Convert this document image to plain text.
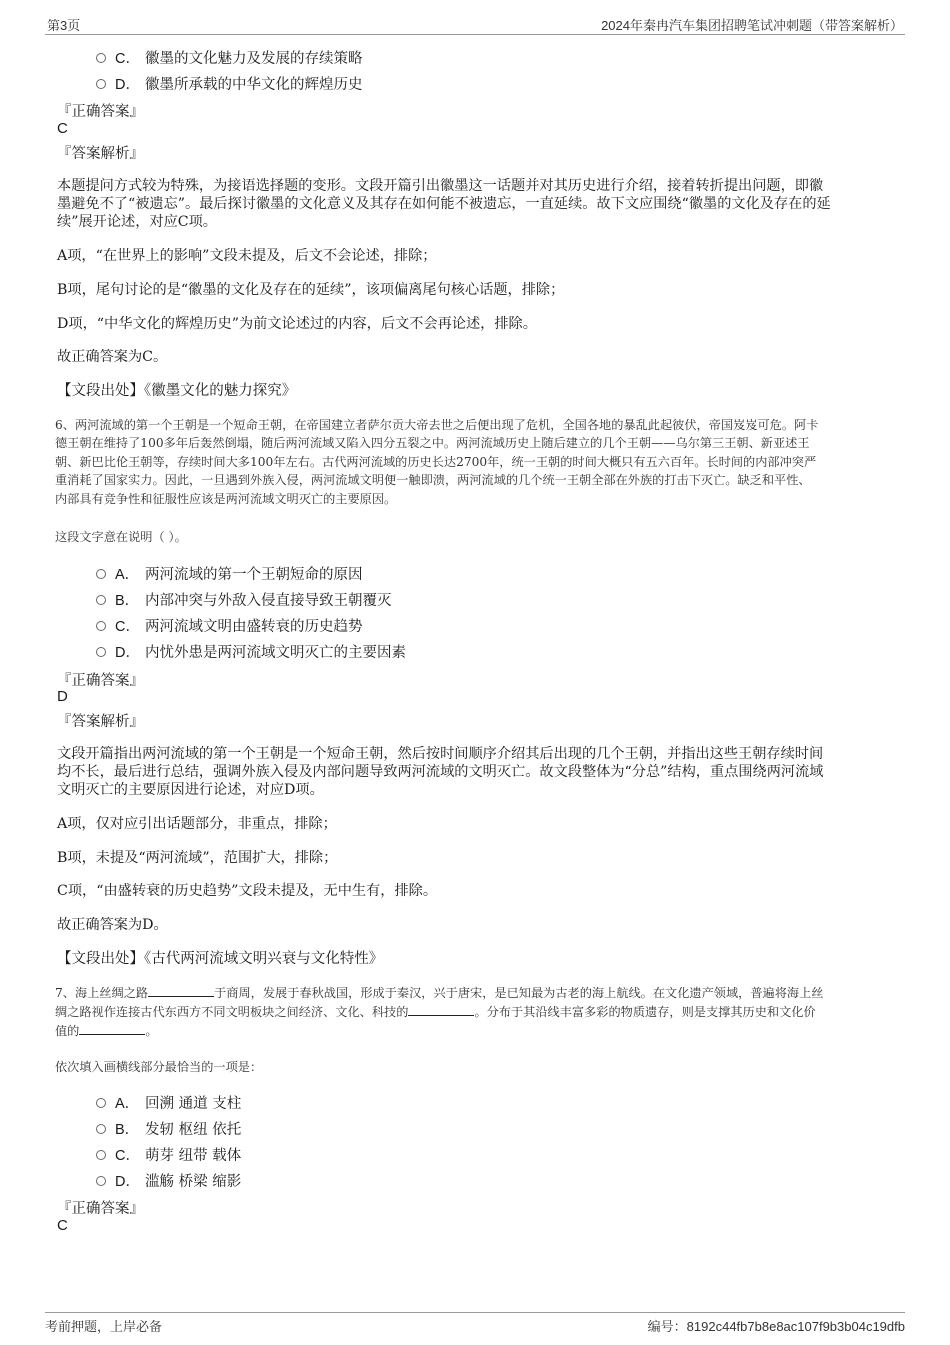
第3页	2024年秦冉汽车集团招聘笔试冲刺题（带答案解析）
C． 徽墨的文化魅力及发展的存续策略
D． 徽墨所承载的中华文化的辉煌历史
『正确答案』
C
『答案解析』
本题提问方式较为特殊，为接语选择题的变形。文段开篇引出徽墨这一话题并对其历史进行介绍，接着转折提出问题，即徽
墨避免不了“被遗忘”。最后探讨徽墨的文化意义及其存在如何能不被遗忘，一直延续。故下文应围绕“徽墨的文化及存在的延
续”展开论述，对应C项。
A项，“在世界上的影响”文段未提及，后文不会论述，排除；
B项，尾句讨论的是“徽墨的文化及存在的延续”，该项偏离尾句核心话题，排除；
D项，“中华文化的辉煌历史”为前文论述过的内容，后文不会再论述，排除。
故正确答案为C。
【文段出处】《徽墨文化的魅力探究》
6、两河流域的第一个王朝是一个短命王朝，在帝国建立者萨尔贡大帝去世之后便出现了危机，全国各地的暴乱此起彼伏，帝国岌岌可危。阿卡
德王朝在维持了100多年后轰然倒塌，随后两河流域又陷入四分五裂之中。两河流域历史上随后建立的几个王朝——乌尔第三王朝、新亚述王
朝、新巴比伦王朝等，存续时间大多100年左右。古代两河流域的历史长达2700年，统一王朝的时间大概只有五六百年。长时间的内部冲突严
重消耗了国家实力。因此，一旦遇到外族入侵，两河流域文明便一触即溃，两河流域的几个统一王朝全部在外族的打击下灭亡。缺乏和平性、
内部具有竞争性和征服性应该是两河流域文明灭亡的主要原因。
这段文字意在说明（ ）。
A． 两河流域的第一个王朝短命的原因
B． 内部冲突与外敌入侵直接导致王朝覆灭
C． 两河流域文明由盛转衰的历史趋势
D． 内忧外患是两河流域文明灭亡的主要因素
『正确答案』
D
『答案解析』
文段开篇指出两河流域的第一个王朝是一个短命王朝，然后按时间顺序介绍其后出现的几个王朝，并指出这些王朝存续时间
均不长，最后进行总结，强调外族入侵及内部问题导致两河流域的文明灭亡。故文段整体为“分总”结构，重点围绕两河流域
文明灭亡的主要原因进行论述，对应D项。
A项，仅对应引出话题部分，非重点，排除；
B项，未提及“两河流域”，范围扩大，排除；
C项，“由盛转衰的历史趋势”文段未提及，无中生有，排除。
故正确答案为D。
【文段出处】《古代两河流域文明兴衰与文化特性》
7、海上丝绸之路	于商周，发展于春秋战国，形成于秦汉，兴于唐宋，是已知最为古老的海上航线。在文化遗产领域，普遍将海上丝
绸之路视作连接古代东西方不同文明板块之间经济、文化、科技的	。分布于其沿线丰富多彩的物质遗存，则是支撑其历史和文化价
值的	。
依次填入画横线部分最恰当的一项是：
A． 回溯 通道 支柱
B． 发轫 枢纽 依托
C． 萌芽 纽带 载体
D． 滥觞 桥梁 缩影
『正确答案』
C
考前押题，上岸必备	编号：8192c44fb7b8e8ac107f9b3b04c19dfb
